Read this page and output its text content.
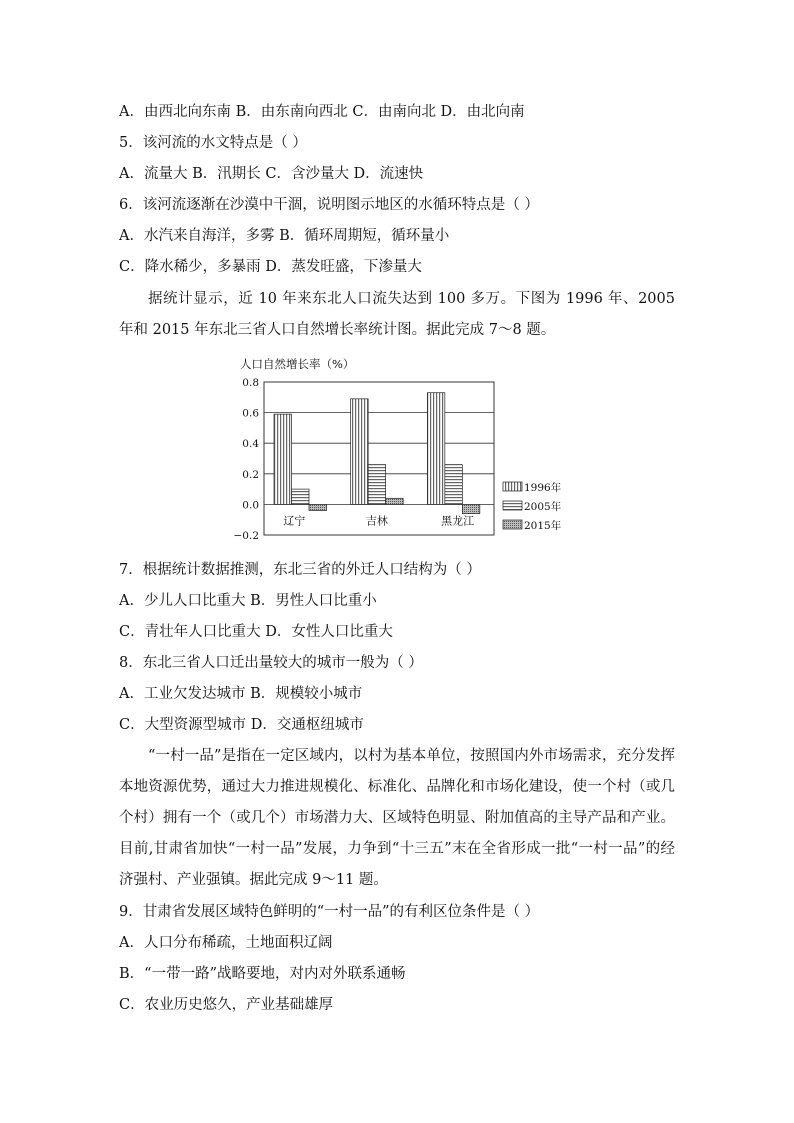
A．由西北向东南 B．由东南向西北 C．由南向北 D．由北向南
5．该河流的水文特点是（ ）
A．流量大 B．汛期长 C．含沙量大 D．流速快
6．该河流逐渐在沙漠中干涸，说明图示地区的水循环特点是（ ）
A．水汽来自海洋，多雾 B．循环周期短，循环量小
C．降水稀少，多暴雨 D．蒸发旺盛，下渗量大
据统计显示，近 10 年来东北人口流失达到 100 多万。下图为 1996 年、2005 年和 2015 年东北三省人口自然增长率统计图。据此完成 7～8 题。
人口自然增长率（%）
0.8
0.6
0.4
0.2
0.0
−0.2
辽宁	吉林	黑龙江
1996年
2005年
2015年
7．根据统计数据推测，东北三省的外迁人口结构为（ ）
A．少儿人口比重大 B．男性人口比重小
C．青壮年人口比重大 D．女性人口比重大
8．东北三省人口迁出量较大的城市一般为（ ）
A．工业欠发达城市 B．规模较小城市
C．大型资源型城市 D．交通枢纽城市
“一村一品”是指在一定区域内，以村为基本单位，按照国内外市场需求，充分发挥本地资源优势，通过大力推进规模化、标准化、品牌化和市场化建设，使一个村（或几个村）拥有一个（或几个）市场潜力大、区域特色明显、附加值高的主导产品和产业。目前,甘肃省加快“一村一品”发展，力争到“十三五”末在全省形成一批“一村一品”的经济强村、产业强镇。据此完成 9～11 题。
9．甘肃省发展区域特色鲜明的“一村一品”的有利区位条件是（ ）
A．人口分布稀疏，土地面积辽阔
B．“一带一路”战略要地，对内对外联系通畅
C．农业历史悠久，产业基础雄厚
